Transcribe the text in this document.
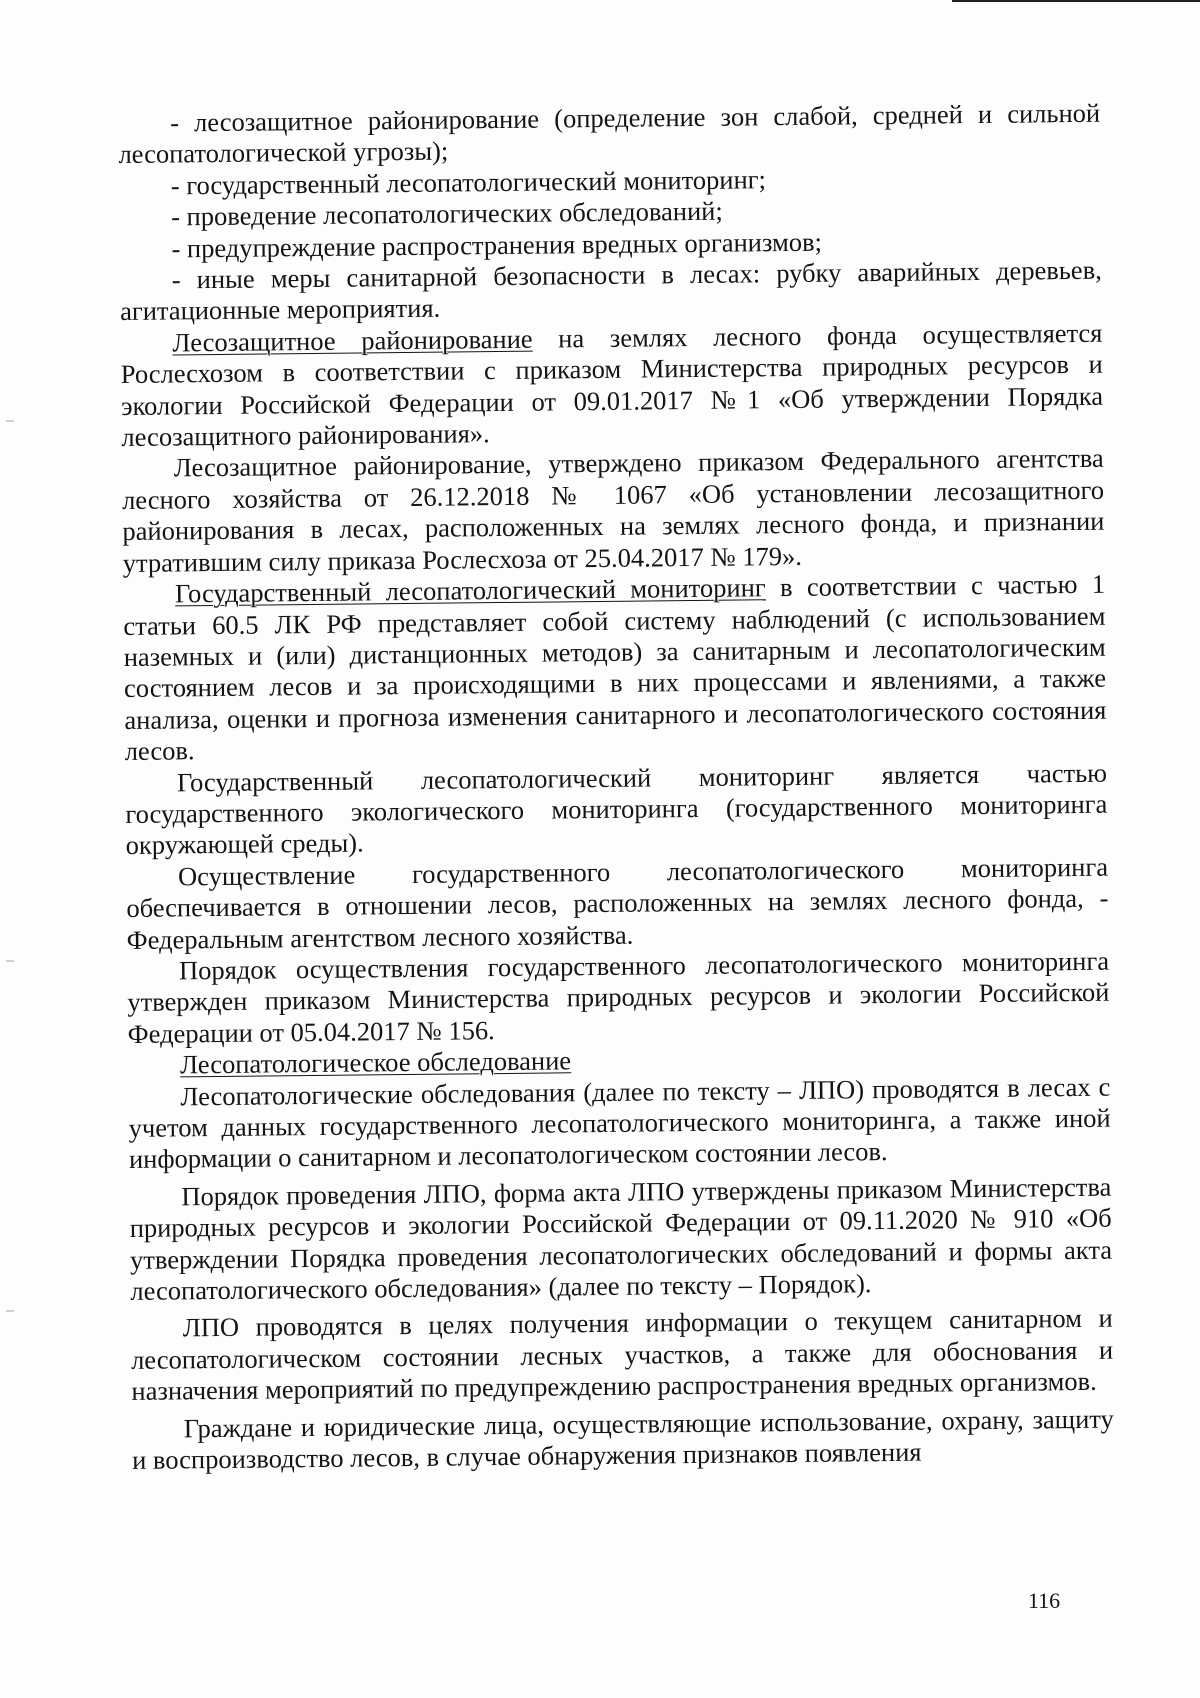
- лесозащитное районирование (определение зон слабой, средней и сильной лесопатологической угрозы);

- государственный лесопатологический мониторинг;

- проведение лесопатологических обследований;

- предупреждение распространения вредных организмов;

- иные меры санитарной безопасности в лесах: рубку аварийных деревьев, агитационные мероприятия.

Лесозащитное районирование на землях лесного фонда осуществляется Рослесхозом в соответствии с приказом Министерства природных ресурсов и экологии Российской Федерации от 09.01.2017 №1 «Об утверждении Порядка лесозащитного районирования».

Лесозащитное районирование, утверждено приказом Федерального агентства лесного хозяйства от 26.12.2018 № 1067 «Об установлении лесозащитного районирования в лесах, расположенных на землях лесного фонда, и признании утратившим силу приказа Рослесхоза от 25.04.2017 № 179».

Государственный лесопатологический мониторинг в соответствии с частью 1 статьи 60.5 ЛК РФ представляет собой систему наблюдений (с использованием наземных и (или) дистанционных методов) за санитарным и лесопатологическим состоянием лесов и за происходящими в них процессами и явлениями, а также анализа, оценки и прогноза изменения санитарного и лесопатологического состояния лесов.

Государственный лесопатологический мониторинг является частью государственного экологического мониторинга (государственного мониторинга окружающей среды).

Осуществление государственного лесопатологического мониторинга обеспечивается в отношении лесов, расположенных на землях лесного фонда, - Федеральным агентством лесного хозяйства.

Порядок осуществления государственного лесопатологического мониторинга утвержден приказом Министерства природных ресурсов и экологии Российской Федерации от 05.04.2017 № 156.

Лесопатологическое обследование

Лесопатологические обследования (далее по тексту – ЛПО) проводятся в лесах с учетом данных государственного лесопатологического мониторинга, а также иной информации о санитарном и лесопатологическом состоянии лесов.

Порядок проведения ЛПО, форма акта ЛПО утверждены приказом Министерства природных ресурсов и экологии Российской Федерации от 09.11.2020 № 910 «Об утверждении Порядка проведения лесопатологических обследований и формы акта лесопатологического обследования» (далее по тексту – Порядок).

ЛПО проводятся в целях получения информации о текущем санитарном и лесопатологическом состоянии лесных участков, а также для обоснования и назначения мероприятий по предупреждению распространения вредных организмов.

Граждане и юридические лица, осуществляющие использование, охрану, защиту и воспроизводство лесов, в случае обнаружения признаков появления

116
